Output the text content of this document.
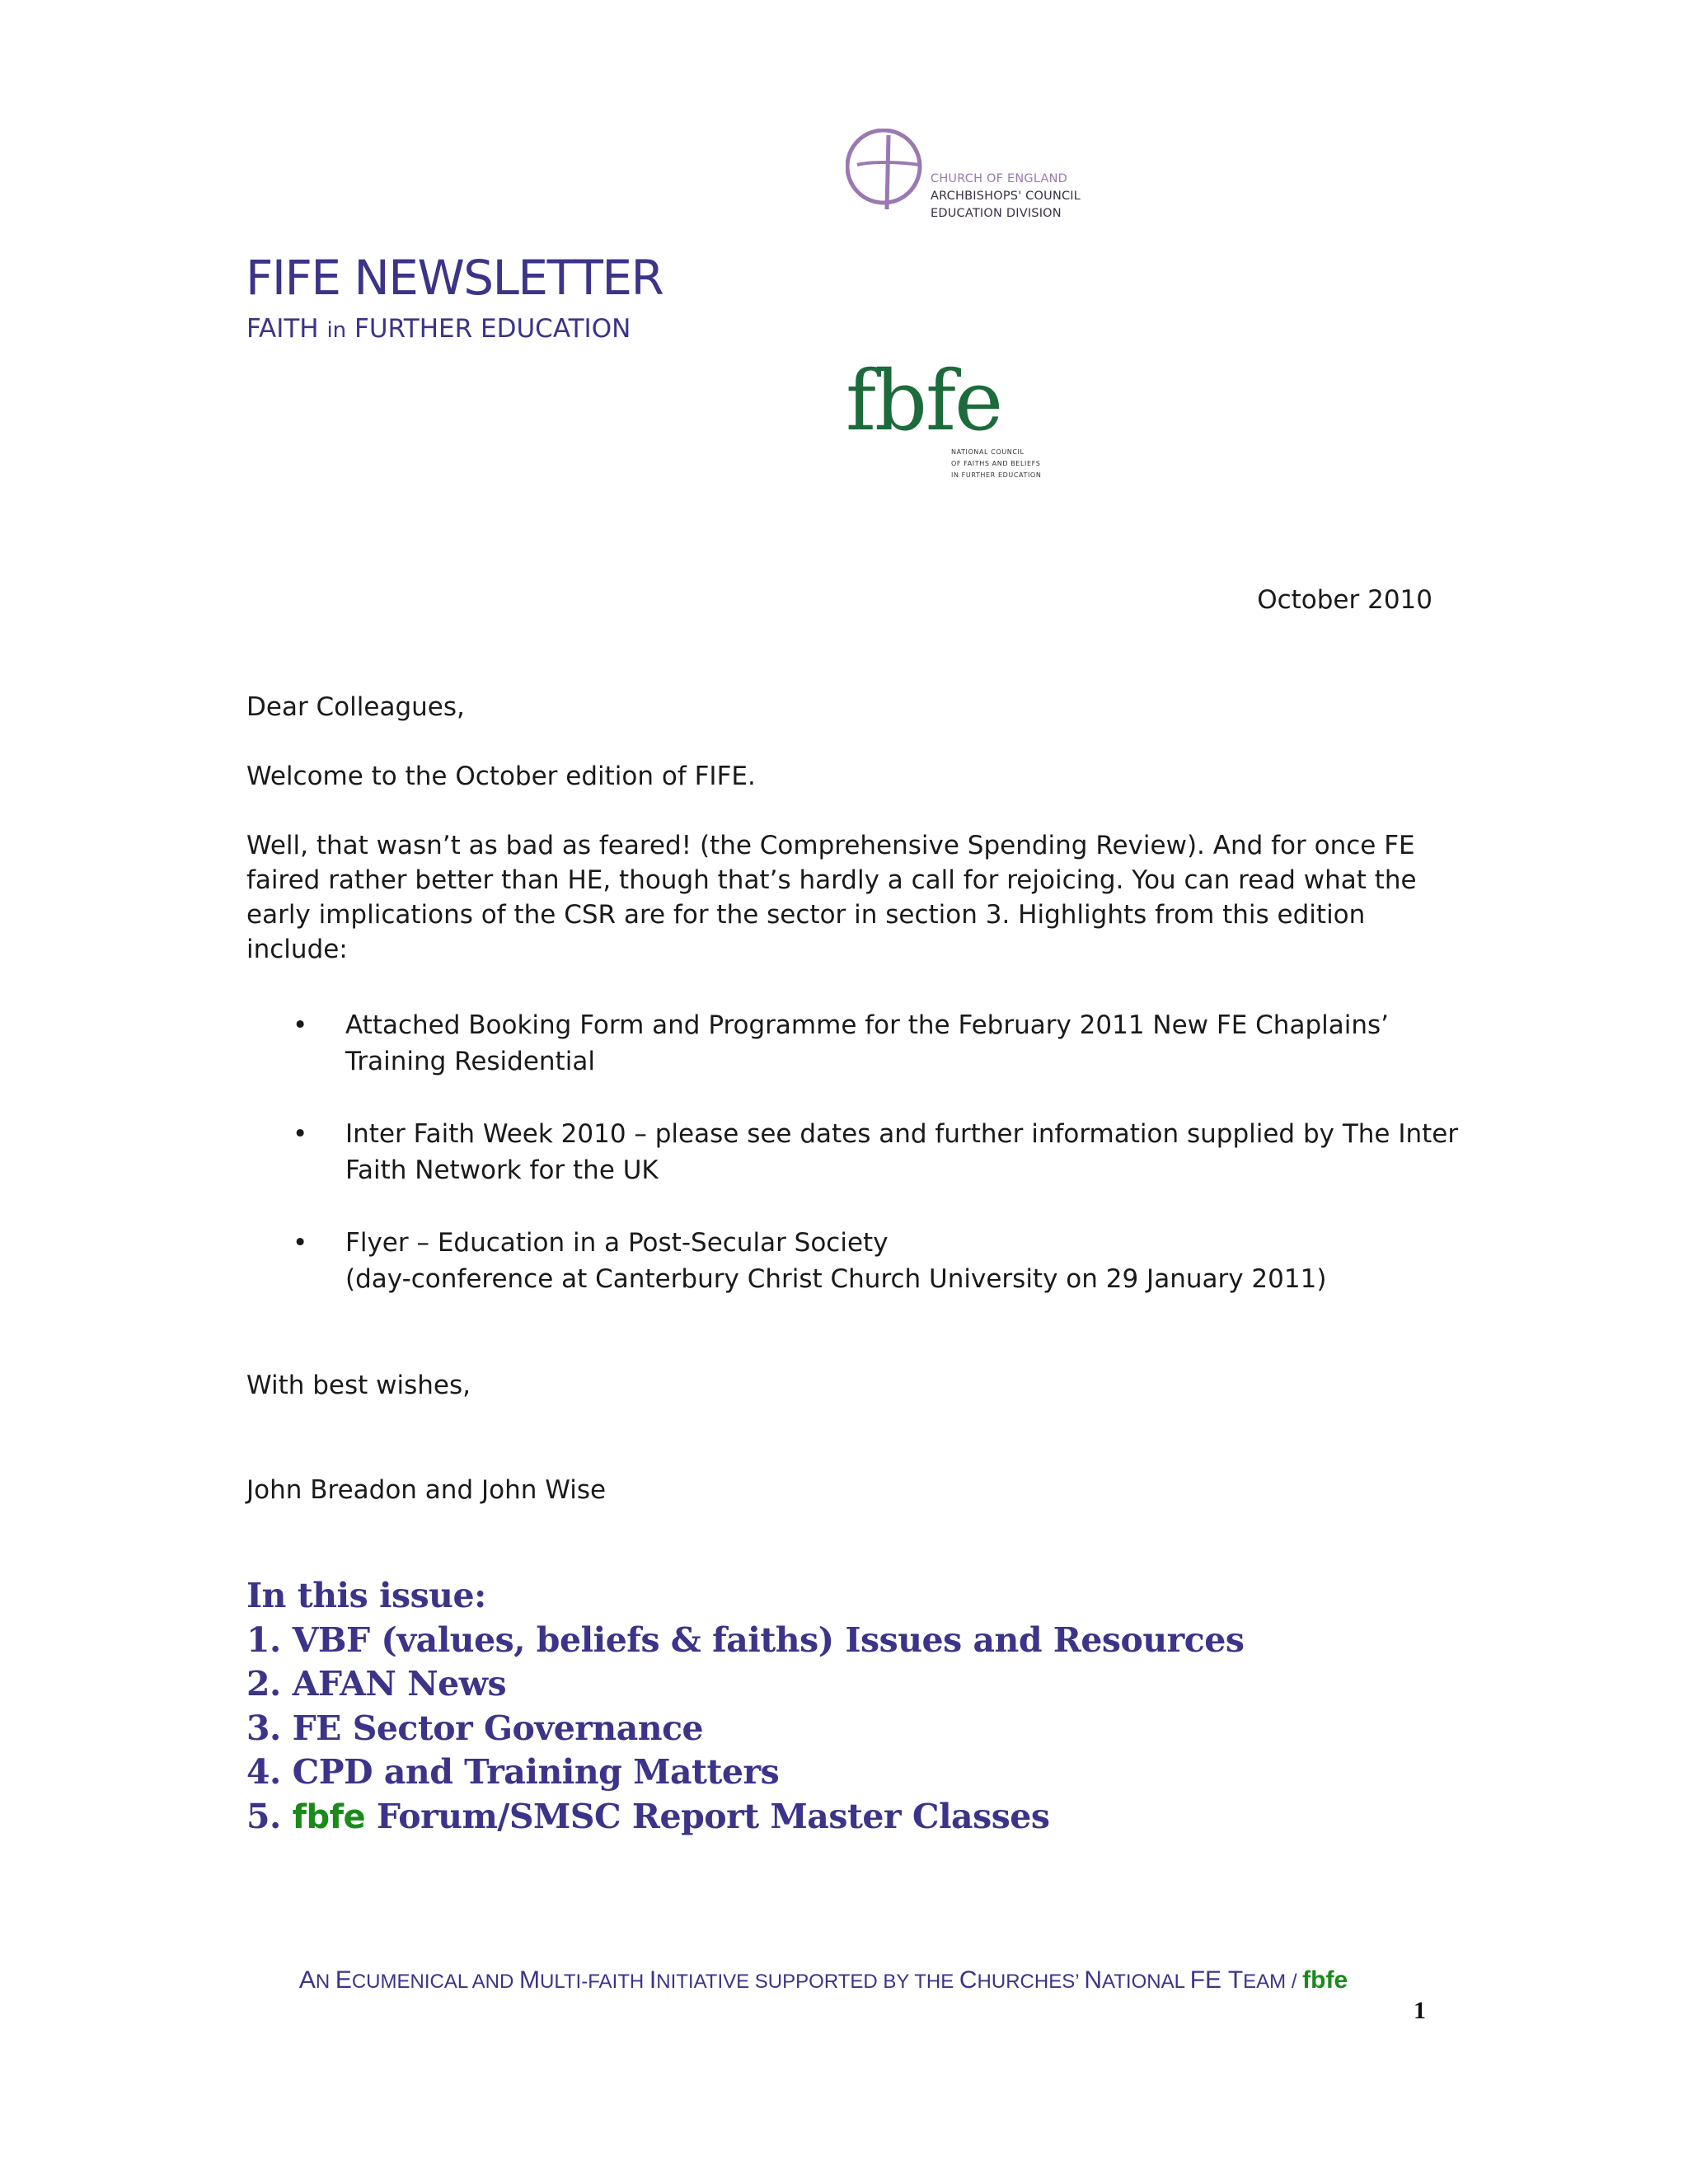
CHURCH OF ENGLAND
ARCHBISHOPS' COUNCIL
EDUCATION DIVISION
FIFE NEWSLETTER
FAITH in FURTHER EDUCATION
fbfe
NATIONAL COUNCIL
OF FAITHS AND BELIEFS
IN FURTHER EDUCATION
October 2010
Dear Colleagues,
Welcome to the October edition of FIFE.
Well, that wasn’t as bad as feared! (the Comprehensive Spending Review). And for once FE
faired rather better than HE, though that’s hardly a call for rejoicing. You can read what the
early implications of the CSR are for the sector in section 3. Highlights from this edition
include:
• Attached Booking Form and Programme for the February 2011 New FE Chaplains’
Training Residential
• Inter Faith Week 2010 – please see dates and further information supplied by The Inter
Faith Network for the UK
• Flyer – Education in a Post-Secular Society
(day-conference at Canterbury Christ Church University on 29 January 2011)
With best wishes,
John Breadon and John Wise
In this issue:
1. VBF (values, beliefs & faiths) Issues and Resources
2. AFAN News
3. FE Sector Governance
4. CPD and Training Matters
5. fbfe Forum/SMSC Report Master Classes
AN ECUMENICAL AND MULTI-FAITH INITIATIVE SUPPORTED BY THE CHURCHES’ NATIONAL FE TEAM / fbfe
1
